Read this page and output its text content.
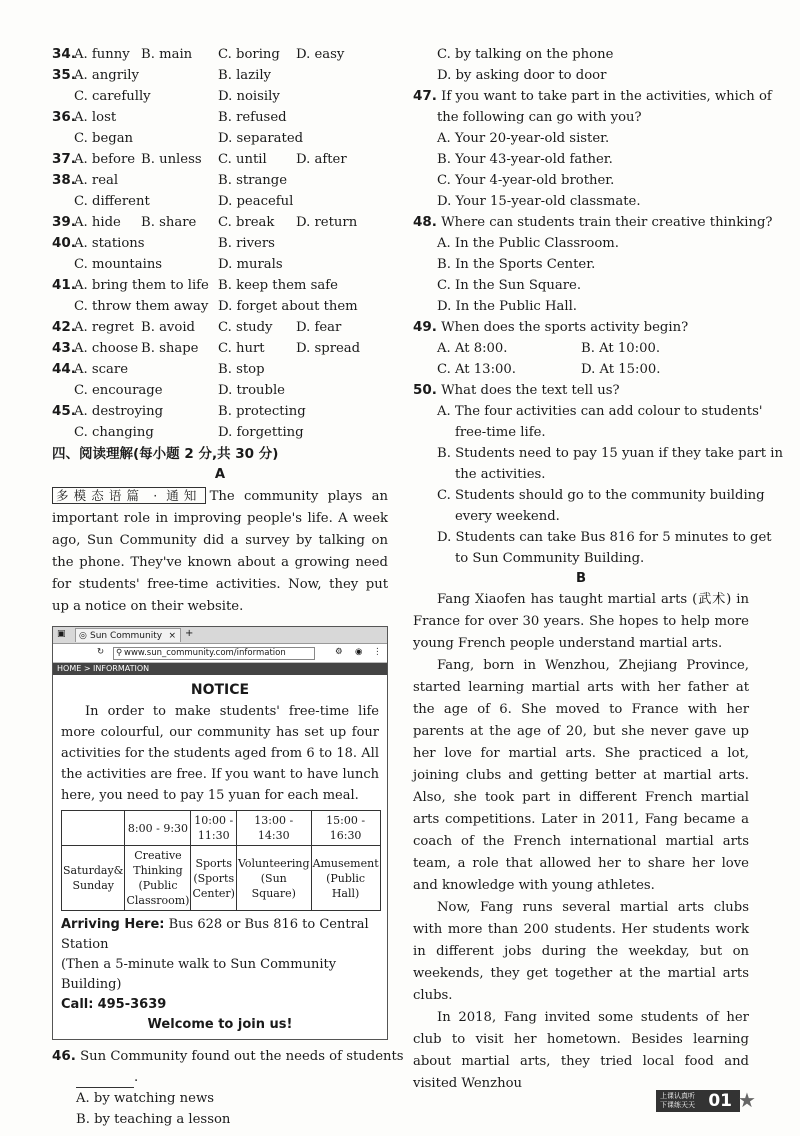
34.
A. funny B. main C. boring D. easy
35.
A. angrily	B. lazily
C. carefully	D. noisily
36.
A. lost	B. refused
C. began	D. separated
37.
A. before B. unless C. until D. after
38.
A. real	B. strange
C. different	D. peaceful
39.
A. hide B. share C. break D. return
40.
A. stations	B. rivers
C. mountains	D. murals
41.
A. bring them to life B. keep them safe
C. throw them away D. forget about them
42.
A. regret B. avoid C. study D. fear
43.
A. choose B. shape C. hurt D. spread
44.
A. scare	B. stop
C. encourage	D. trouble
45.
A. destroying	B. protecting
C. changing	D. forgetting
四、阅读理解(每小题 2 分,共 30 分)
A
多模态语篇 · 通知 The community plays an important role in improving people's life. A week ago, Sun Community did a survey by talking on the phone. They've known about a growing need for students' free-time activities. Now, they put up a notice on their website.
▣ ◎ Sun Community × +
↻ ⚲ www.sun_community.com/information	⚙ ◉ ⋮
HOME > INFORMATION
NOTICE
In order to make students' free-time life more colourful, our community has set up four activities for the students aged from 6 to 18. All the activities are free. If you want to have lunch here, you need to pay 15 yuan for each meal.
	8:00 - 9:30	10:00 - 11:30	13:00 - 14:30	15:00 - 16:30
Saturday& Sunday	Creative Thinking (Public Classroom)	Sports (Sports Center)	Volunteering (Sun Square)	Amusement (Public Hall)
Arriving Here: Bus 628 or Bus 816 to Central Station
(Then a 5-minute walk to Sun Community Building)
Call: 495-3639
Welcome to join us!
46. Sun Community found out the needs of students
.
A. by watching news
B. by teaching a lesson
C. by talking on the phone
D. by asking door to door
47. If you want to take part in the activities, which of
the following can go with you?
A. Your 20-year-old sister.
B. Your 43-year-old father.
C. Your 4-year-old brother.
D. Your 15-year-old classmate.
48. Where can students train their creative thinking?
A. In the Public Classroom.
B. In the Sports Center.
C. In the Sun Square.
D. In the Public Hall.
49. When does the sports activity begin?
A. At 8:00.	B. At 10:00.
C. At 13:00.	D. At 15:00.
50. What does the text tell us?
A. The four activities can add colour to students'
free-time life.
B. Students need to pay 15 yuan if they take part in
the activities.
C. Students should go to the community building
every weekend.
D. Students can take Bus 816 for 5 minutes to get
to Sun Community Building.
B
Fang Xiaofen has taught martial arts (武术) in France for over 30 years. She hopes to help more young French people understand martial arts.
Fang, born in Wenzhou, Zhejiang Province, started learning martial arts with her father at the age of 6. She moved to France with her parents at the age of 20, but she never gave up her love for martial arts. She practiced a lot, joining clubs and getting better at martial arts. Also, she took part in different French martial arts competitions. Later in 2011, Fang became a coach of the French international martial arts team, a role that allowed her to share her love and knowledge with young athletes.
Now, Fang runs several martial arts clubs with more than 200 students. Her students work in different jobs during the weekday, but on weekends, they get together at the martial arts clubs.
In 2018, Fang invited some students of her club to visit her hometown. Besides learning about martial arts, they tried local food and visited Wenzhou
上课认真听
下课练天天 01 ★
